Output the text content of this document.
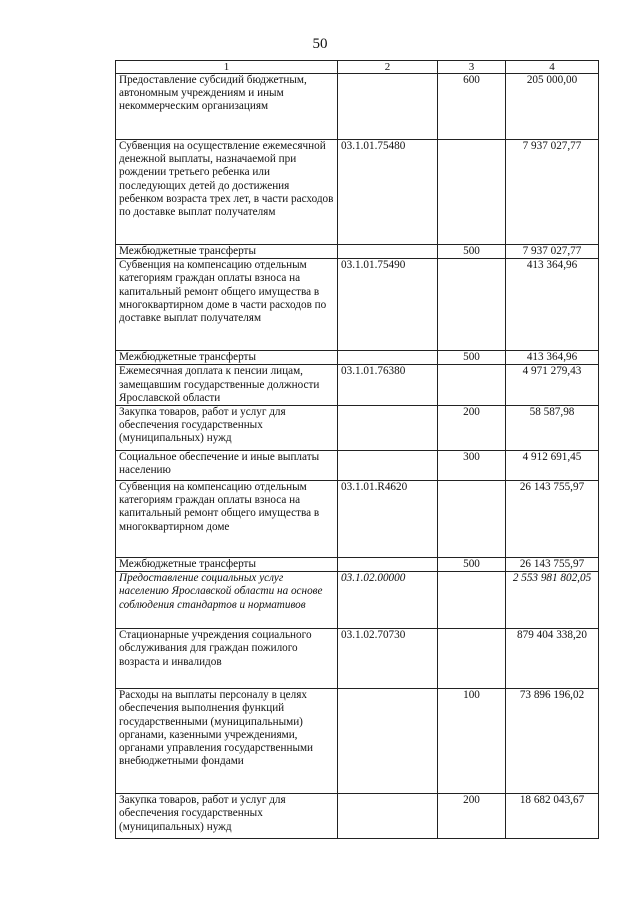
50
1	2	3	4
Предоставление субсидий бюджетным, автономным учреждениям и иным некоммерческим организациям		600	205 000,00
Субвенция на осуществление ежемесячной денежной выплаты, назначаемой при рождении третьего ребенка или последующих детей до достижения ребенком возраста трех лет, в части расходов по доставке выплат получателям	03.1.01.75480		7 937 027,77
Межбюджетные трансферты		500	7 937 027,77
Субвенция на компенсацию отдельным категориям граждан оплаты взноса на капитальный ремонт общего имущества в многоквартирном доме в части расходов по доставке выплат получателям	03.1.01.75490		413 364,96
Межбюджетные трансферты		500	413 364,96
Ежемесячная доплата к пенсии лицам, замещавшим государственные должности Ярославской области	03.1.01.76380		4 971 279,43
Закупка товаров, работ и услуг для обеспечения государственных (муниципальных) нужд		200	58 587,98
Социальное обеспечение и иные выплаты населению		300	4 912 691,45
Субвенция на компенсацию отдельным категориям граждан оплаты взноса на капитальный ремонт общего имущества в многоквартирном доме	03.1.01.R4620		26 143 755,97
Межбюджетные трансферты		500	26 143 755,97
Предоставление социальных услуг населению Ярославской области на основе соблюдения стандартов и нормативов	03.1.02.00000		2 553 981 802,05
Стационарные учреждения социального обслуживания для граждан пожилого возраста и инвалидов	03.1.02.70730		879 404 338,20
Расходы на выплаты персоналу в целях обеспечения выполнения функций государственными (муниципальными) органами, казенными учреждениями, органами управления государственными внебюджетными фондами		100	73 896 196,02
Закупка товаров, работ и услуг для обеспечения государственных (муниципальных) нужд		200	18 682 043,67
